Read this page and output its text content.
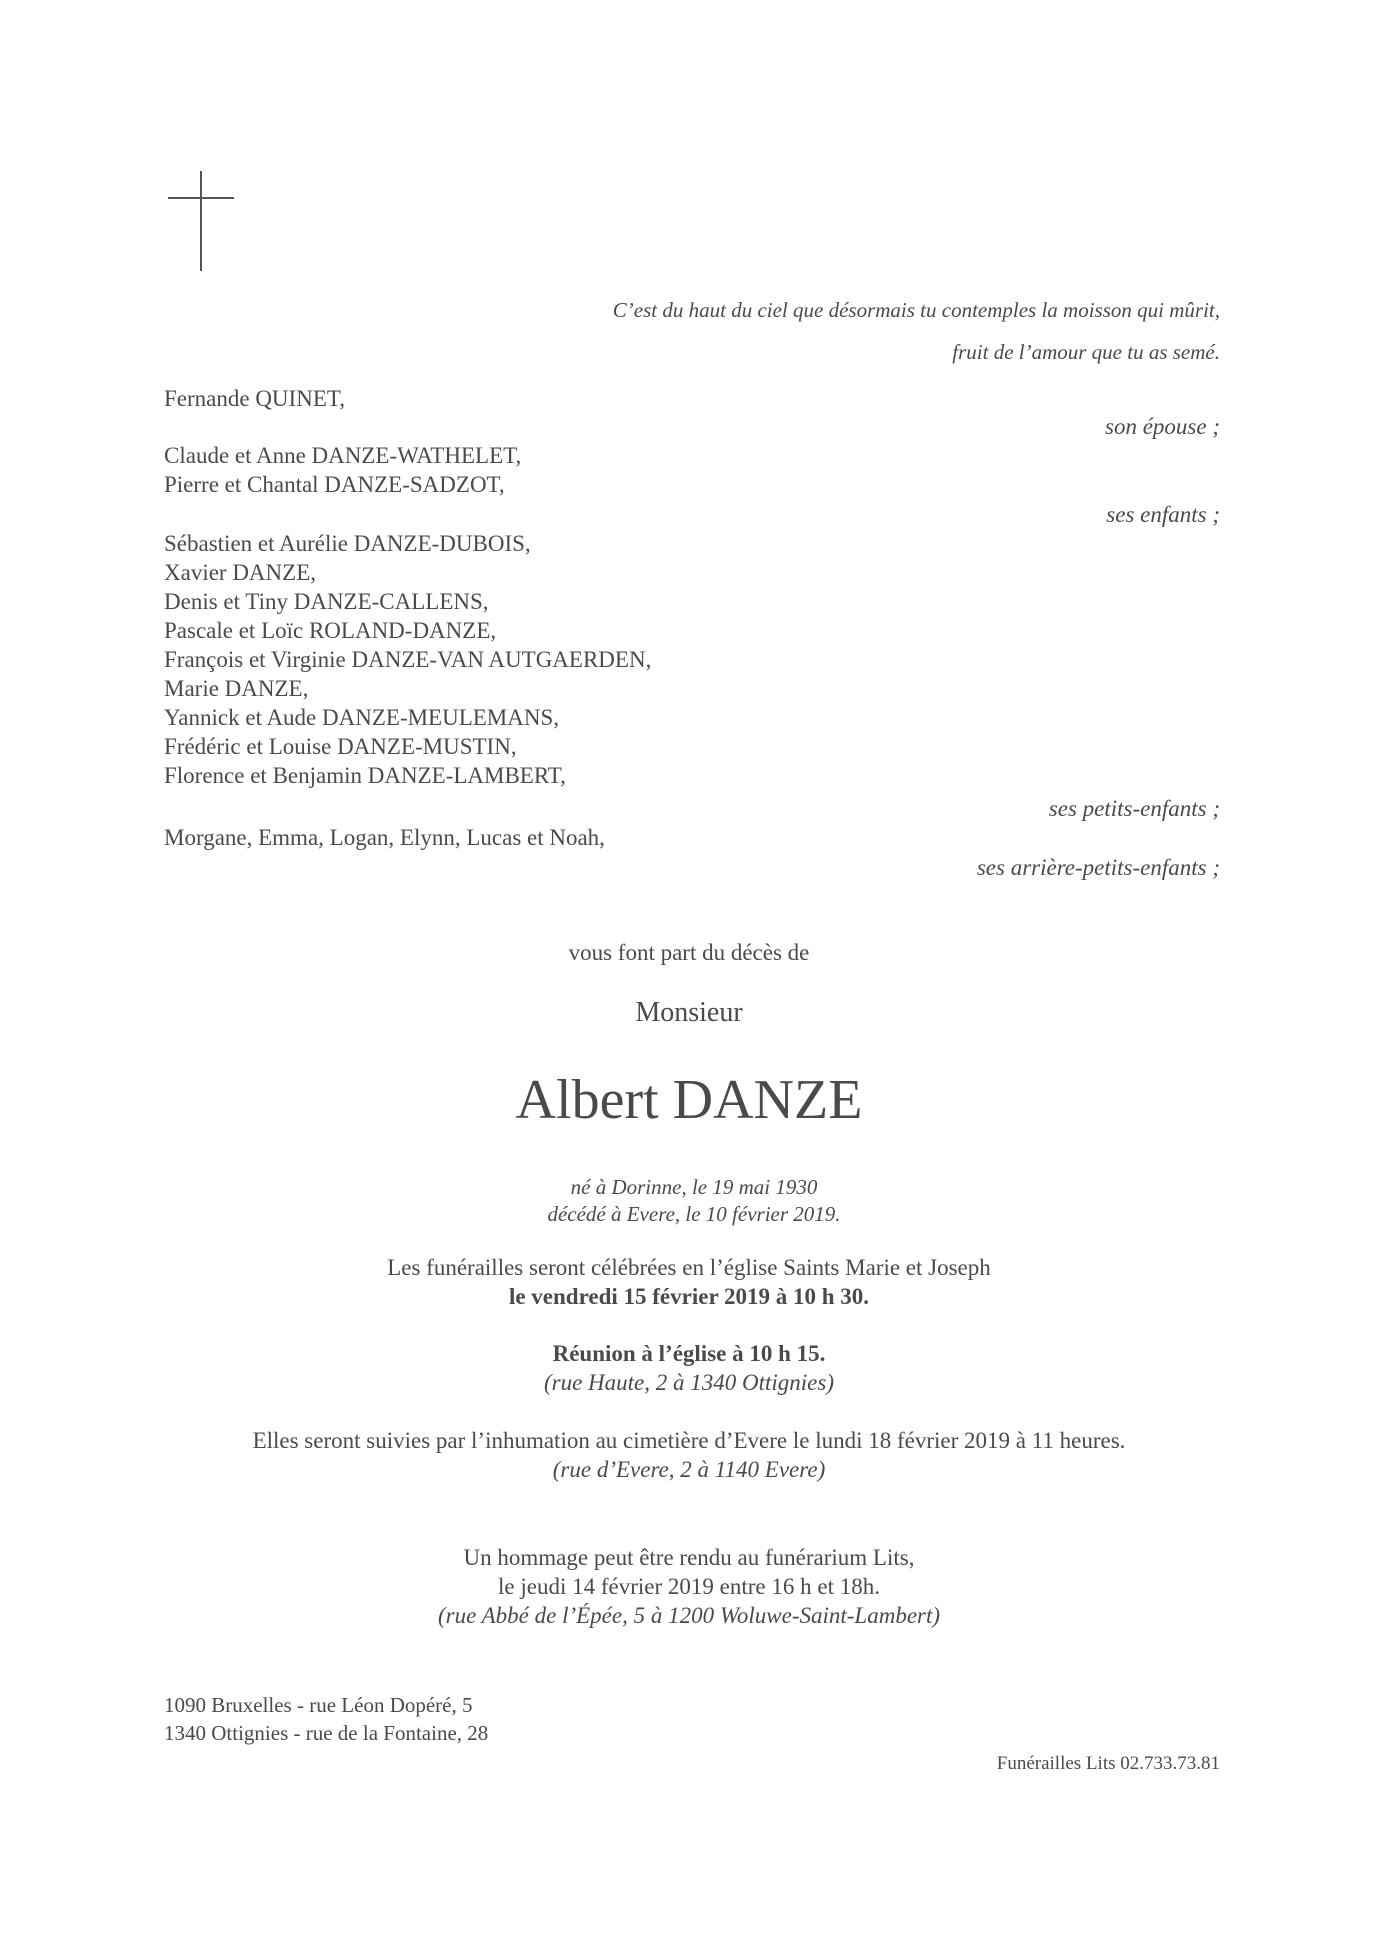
C’est du haut du ciel que désormais tu contemples la moisson qui mûrit,
fruit de l’amour que tu as semé.
Fernande QUINET,
son épouse ;
Claude et Anne DANZE-WATHELET,
Pierre et Chantal DANZE-SADZOT,
ses enfants ;
Sébastien et Aurélie DANZE-DUBOIS,
Xavier DANZE,
Denis et Tiny DANZE-CALLENS,
Pascale et Loïc ROLAND-DANZE,
François et Virginie DANZE-VAN AUTGAERDEN,
Marie DANZE,
Yannick et Aude DANZE-MEULEMANS,
Frédéric et Louise DANZE-MUSTIN,
Florence et Benjamin DANZE-LAMBERT,
ses petits-enfants ;
Morgane, Emma, Logan, Elynn, Lucas et Noah,
ses arrière-petits-enfants ;
vous font part du décès de
Monsieur
Albert DANZE
né à Dorinne, le 19 mai 1930
décédé à Evere, le 10 février 2019.
Les funérailles seront célébrées en l’église Saints Marie et Joseph
le vendredi 15 février 2019 à 10 h 30.
Réunion à l’église à 10 h 15.
(rue Haute, 2 à 1340 Ottignies)
Elles seront suivies par l’inhumation au cimetière d’Evere le lundi 18 février 2019 à 11 heures.
(rue d’Evere, 2 à 1140 Evere)
Un hommage peut être rendu au funérarium Lits,
le jeudi 14 février 2019 entre 16 h et 18h.
(rue Abbé de l’Épée, 5 à 1200 Woluwe-Saint-Lambert)
1090 Bruxelles - rue Léon Dopéré, 5
1340 Ottignies - rue de la Fontaine, 28
Funérailles Lits 02.733.73.81
